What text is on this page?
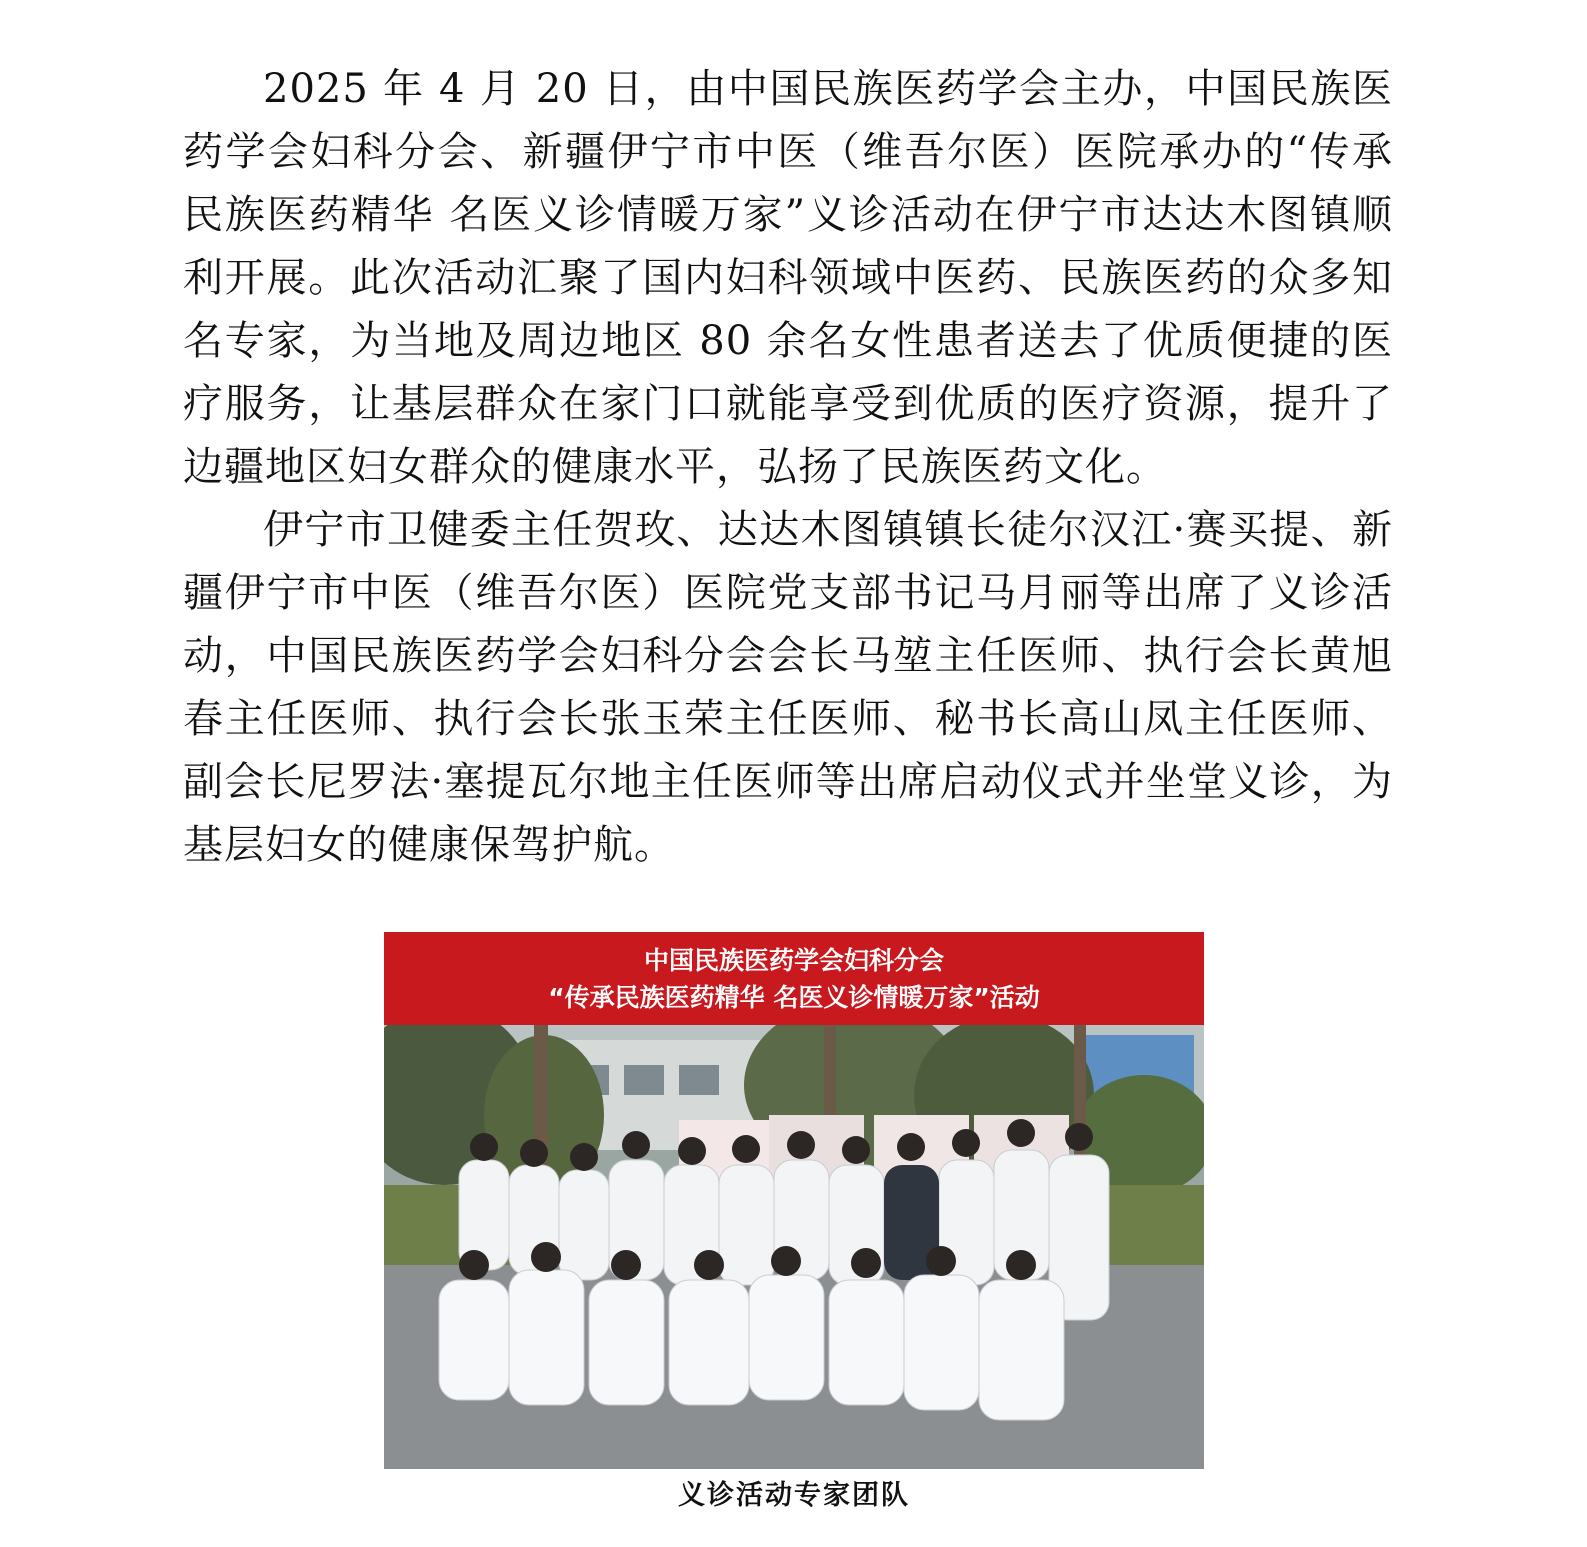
2025 年 4 月 20 日，由中国民族医药学会主办，中国民族医药学会妇科分会、新疆伊宁市中医（维吾尔医）医院承办的“传承民族医药精华 名医义诊情暖万家”义诊活动在伊宁市达达木图镇顺利开展。此次活动汇聚了国内妇科领域中医药、民族医药的众多知名专家，为当地及周边地区 80 余名女性患者送去了优质便捷的医疗服务，让基层群众在家门口就能享受到优质的医疗资源，提升了边疆地区妇女群众的健康水平，弘扬了民族医药文化。

伊宁市卫健委主任贺玫、达达木图镇镇长徒尔汉江·赛买提、新疆伊宁市中医（维吾尔医）医院党支部书记马月丽等出席了义诊活动，中国民族医药学会妇科分会会长马堃主任医师、执行会长黄旭春主任医师、执行会长张玉荣主任医师、秘书长高山凤主任医师、副会长尼罗法·塞提瓦尔地主任医师等出席启动仪式并坐堂义诊，为基层妇女的健康保驾护航。

中国民族医药学会妇科分会
“传承民族医药精华 名医义诊情暖万家”活动
义诊活动专家团队
